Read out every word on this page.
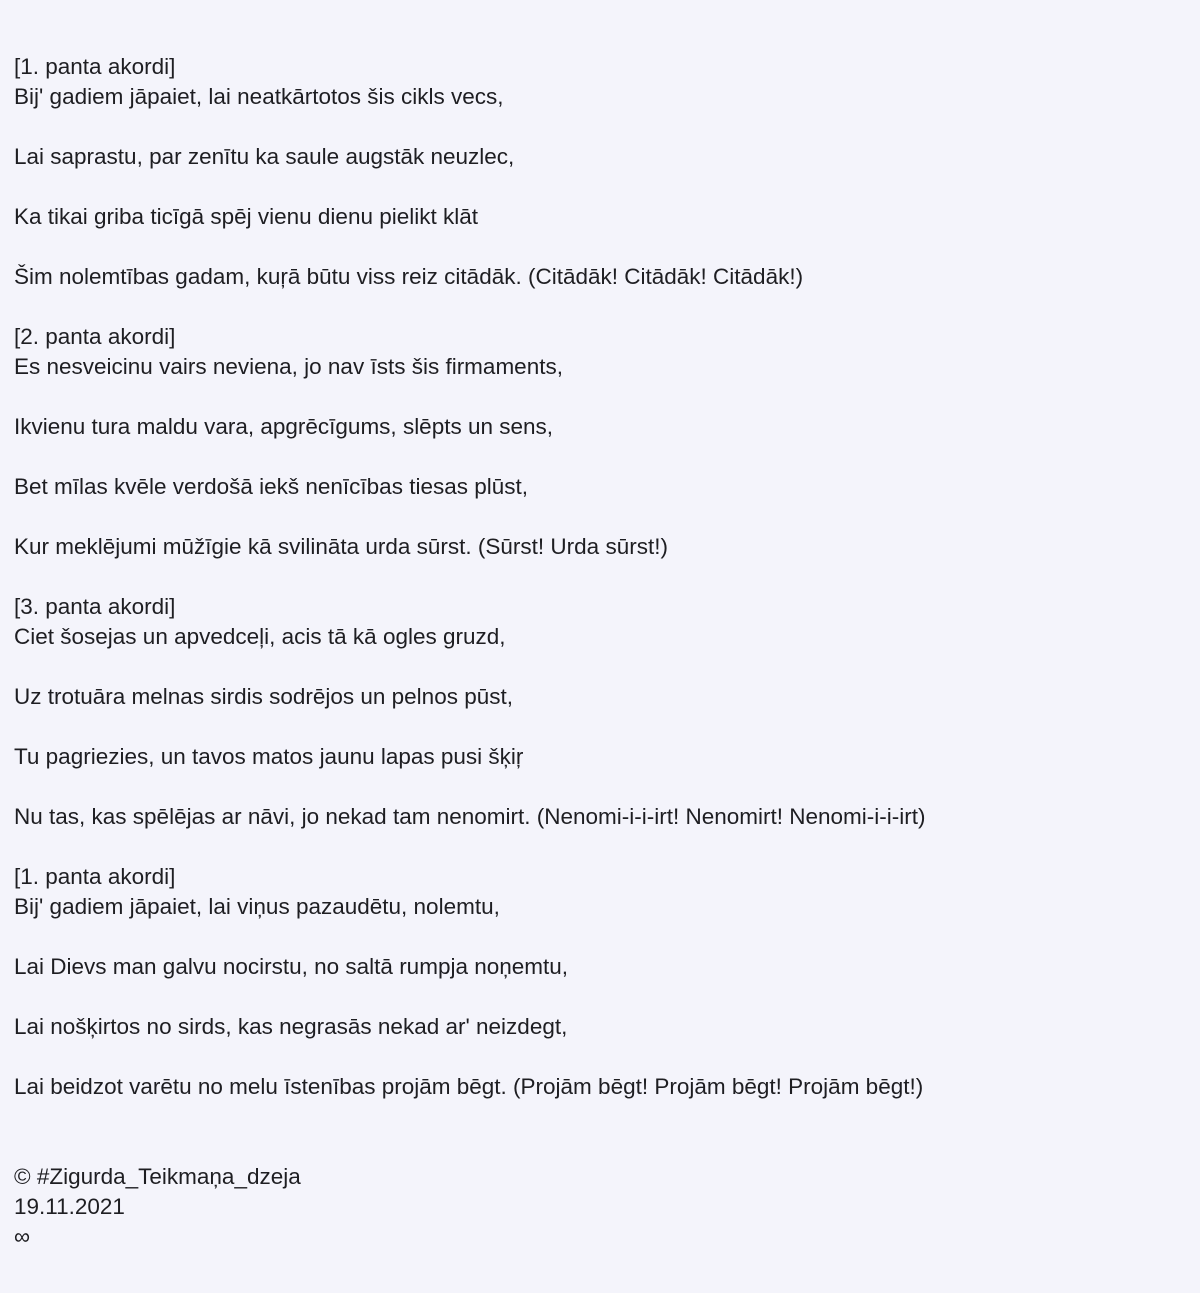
[1. panta akordi]
Bij' gadiem jāpaiet, lai neatkārtotos šis cikls vecs,
Lai saprastu, par zenītu ka saule augstāk neuzlec,
Ka tikai griba ticīgā spēj vienu dienu pielikt klāt
Šim nolemtības gadam, kuŗā būtu viss reiz citādāk. (Citādāk! Citādāk! Citādāk!)
[2. panta akordi]
Es nesveicinu vairs neviena, jo nav īsts šis firmaments,
Ikvienu tura maldu vara, apgrēcīgums, slēpts un sens,
Bet mīlas kvēle verdošā iekš nenīcības tiesas plūst,
Kur meklējumi mūžīgie kā svilināta urda sūrst. (Sūrst! Urda sūrst!)
[3. panta akordi]
Ciet šosejas un apvedceļi, acis tā kā ogles gruzd,
Uz trotuāra melnas sirdis sodrējos un pelnos pūst,
Tu pagriezies, un tavos matos jaunu lapas pusi šķiŗ
Nu tas, kas spēlējas ar nāvi, jo nekad tam nenomirt. (Nenomi-i-i-irt! Nenomirt! Nenomi-i-i-irt)
[1. panta akordi]
Bij' gadiem jāpaiet, lai viņus pazaudētu, nolemtu,
Lai Dievs man galvu nocirstu, no saltā rumpja noņemtu,
Lai nošķirtos no sirds, kas negrasās nekad ar' neizdegt,
Lai beidzot varētu no melu īstenības projām bēgt. (Projām bēgt! Projām bēgt! Projām bēgt!)
© #Zigurda_Teikmaņa_dzeja
19.11.2021
∞
